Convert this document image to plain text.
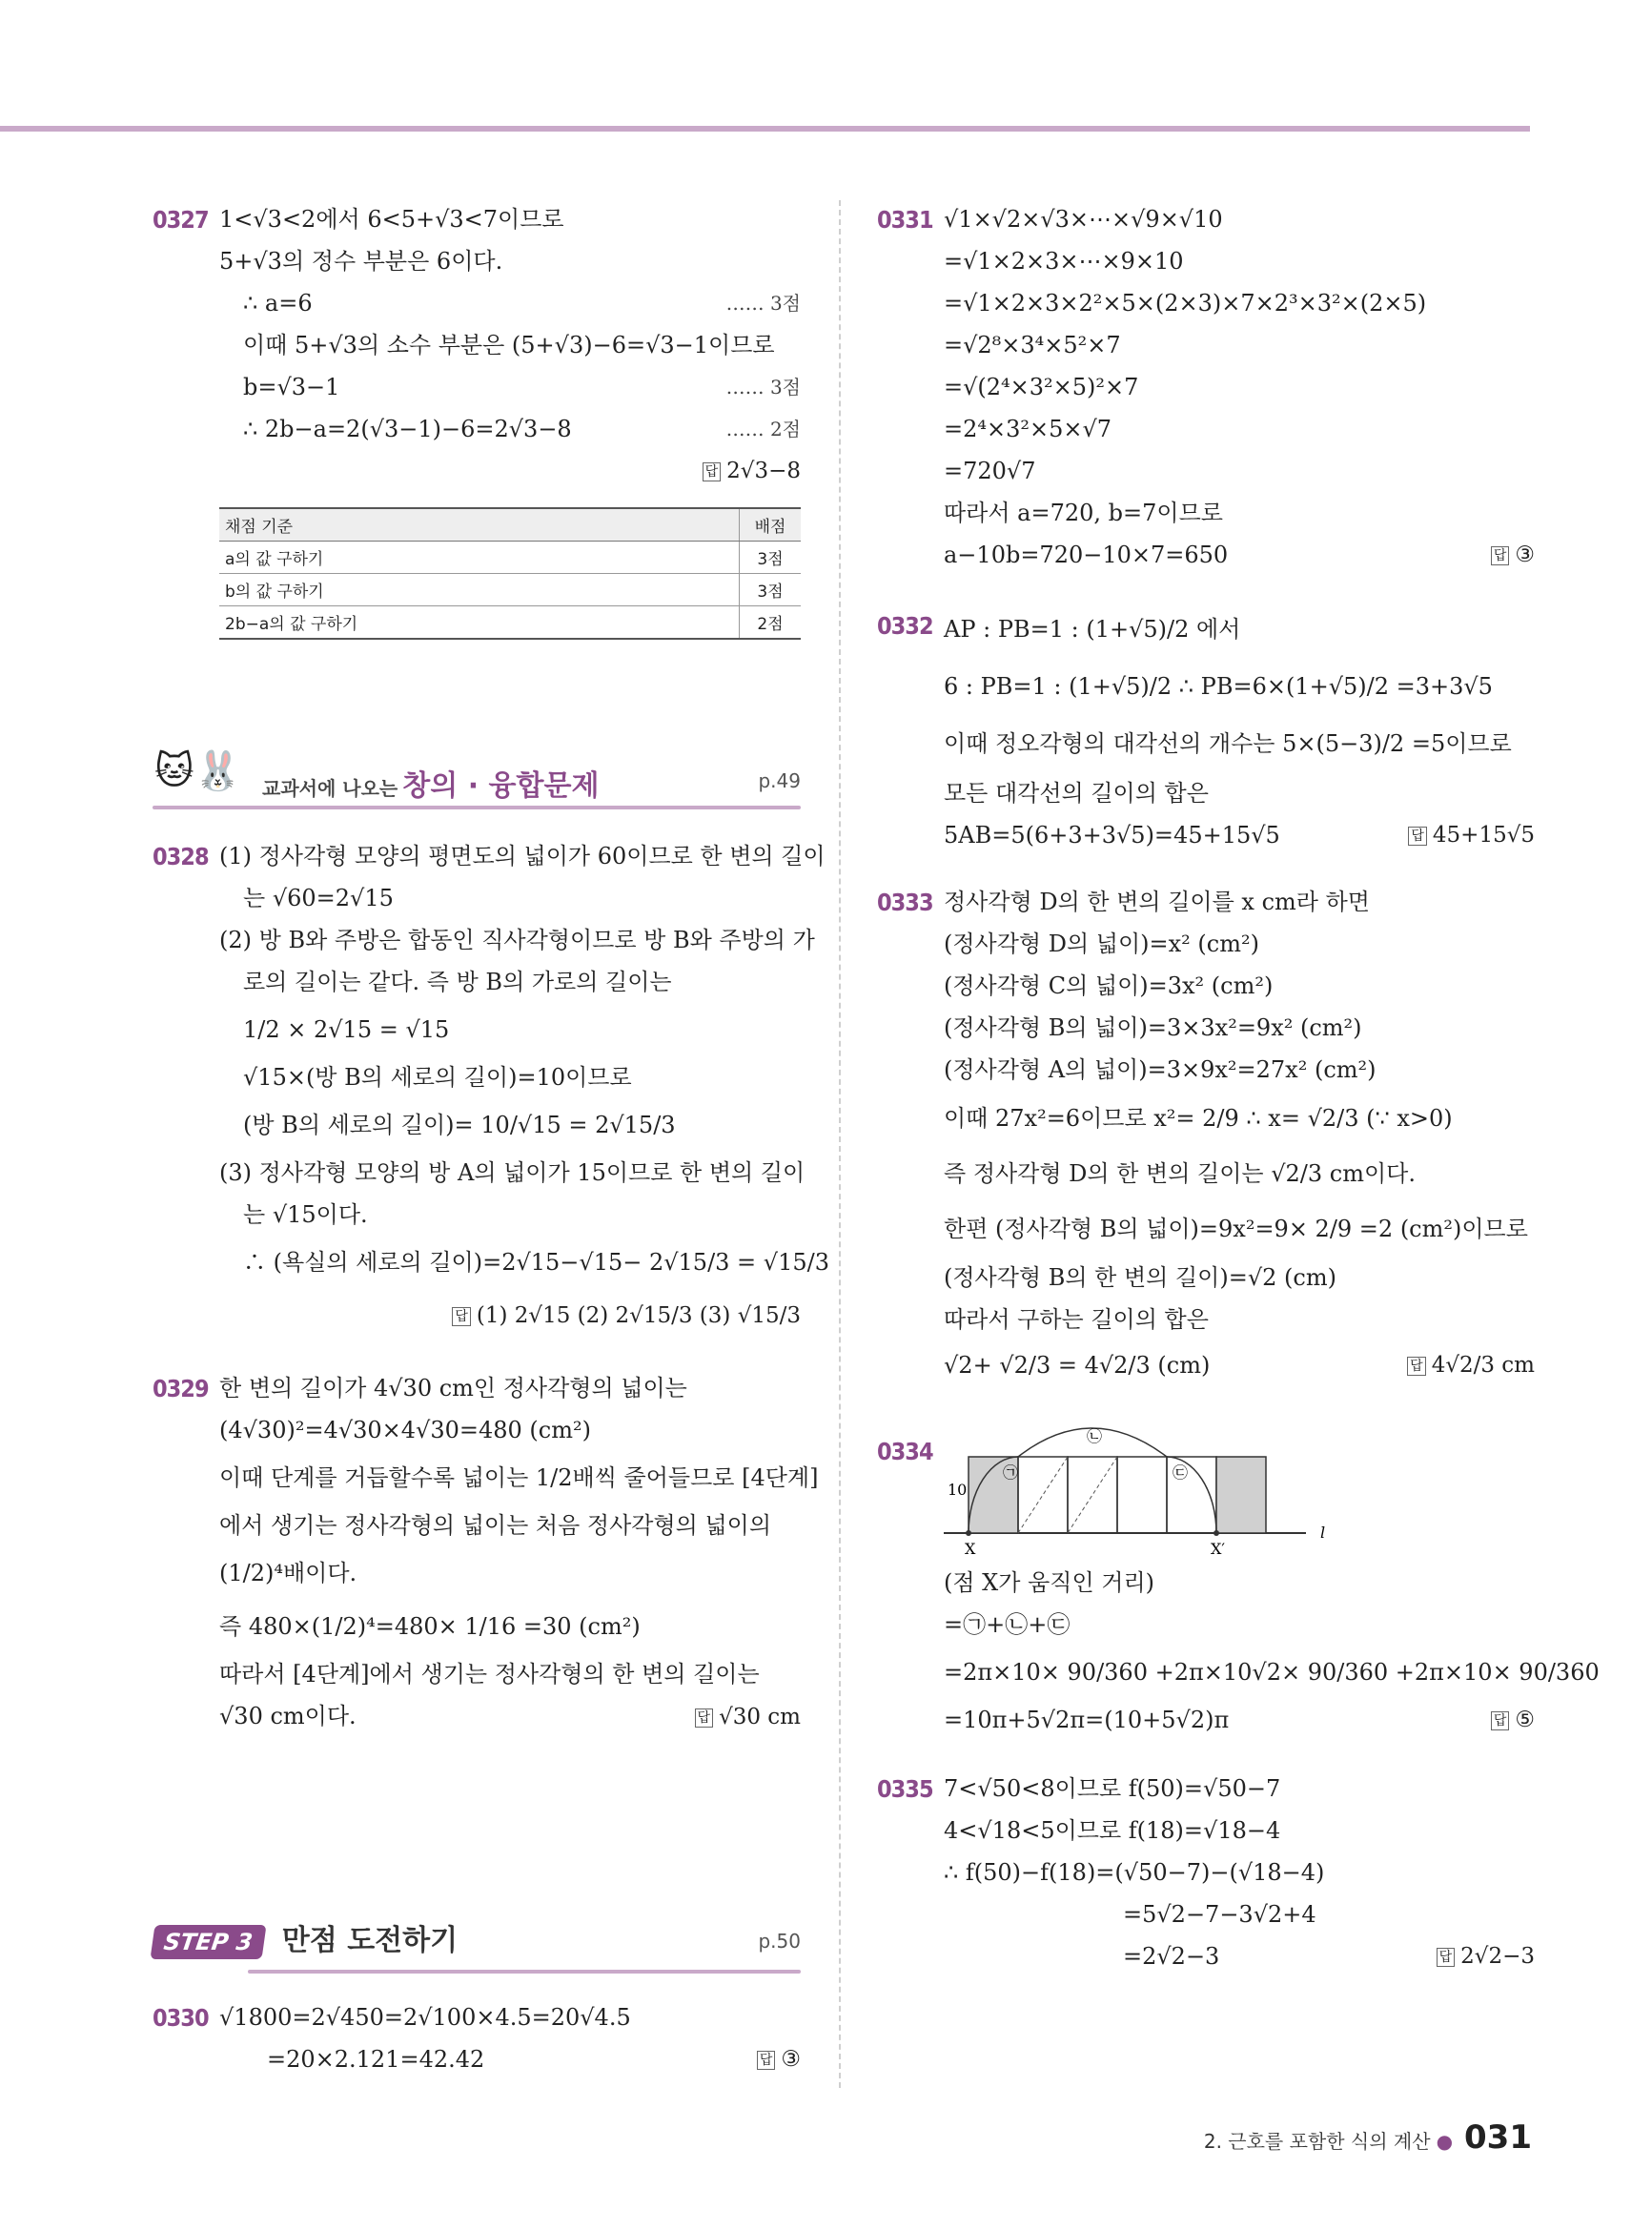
0327 1<√3<2에서 6<5+√3<7이므로
5+√3의 정수 부분은 6이다.
∴ a=6	…… 3점
이때 5+√3의 소수 부분은 (5+√3)−6=√3−1이므로
b=√3−1	…… 3점
∴ 2b−a=2(√3−1)−6=2√3−8	…… 2점
답 2√3−8
채점 기준	배점
a의 값 구하기	3점
b의 값 구하기	3점
2b−a의 값 구하기	2점
🐱🐰 교과서에 나오는 창의 · 융합문제	p.49
0328 (1) 정사각형 모양의 평면도의 넓이가 60이므로 한 변의 길이
는 √60=2√15
(2) 방 B와 주방은 합동인 직사각형이므로 방 B와 주방의 가
로의 길이는 같다. 즉 방 B의 가로의 길이는
1/2 × 2√15 = √15
√15×(방 B의 세로의 길이)=10이므로
(방 B의 세로의 길이)= 10/√15 = 2√15/3
(3) 정사각형 모양의 방 A의 넓이가 15이므로 한 변의 길이
는 √15이다.
∴ (욕실의 세로의 길이)=2√15−√15− 2√15/3 = √15/3
답 (1) 2√15 (2) 2√15/3 (3) √15/3
0329 한 변의 길이가 4√30 cm인 정사각형의 넓이는
(4√30)²=4√30×4√30=480 (cm²)
이때 단계를 거듭할수록 넓이는 1/2배씩 줄어들므로 [4단계]
에서 생기는 정사각형의 넓이는 처음 정사각형의 넓이의
(1/2)⁴배이다.
즉 480×(1/2)⁴=480× 1/16 =30 (cm²)
따라서 [4단계]에서 생기는 정사각형의 한 변의 길이는
√30 cm이다.	답 √30 cm
STEP 3 만점 도전하기	p.50
0330 √1800=2√450=2√100×4.5=20√4.5
=20×2.121=42.42	답 ③
0331 √1×√2×√3×⋯×√9×√10
=√1×2×3×⋯×9×10
=√1×2×3×2²×5×(2×3)×7×2³×3²×(2×5)
=√2⁸×3⁴×5²×7
=√(2⁴×3²×5)²×7
=2⁴×3²×5×√7
=720√7
따라서 a=720, b=7이므로
a−10b=720−10×7=650	답 ③
0332 AP : PB=1 : (1+√5)/2 에서
6 : PB=1 : (1+√5)/2 ∴ PB=6×(1+√5)/2 =3+3√5
이때 정오각형의 대각선의 개수는 5×(5−3)/2 =5이므로
모든 대각선의 길이의 합은
5AB=5(6+3+3√5)=45+15√5	답 45+15√5
0333 정사각형 D의 한 변의 길이를 x cm라 하면
(정사각형 D의 넓이)=x² (cm²)
(정사각형 C의 넓이)=3x² (cm²)
(정사각형 B의 넓이)=3×3x²=9x² (cm²)
(정사각형 A의 넓이)=3×9x²=27x² (cm²)
이때 27x²=6이므로 x²= 2/9 ∴ x= √2/3 (∵ x>0)
즉 정사각형 D의 한 변의 길이는 √2/3 cm이다.
한편 (정사각형 B의 넓이)=9x²=9× 2/9 =2 (cm²)이므로
(정사각형 B의 한 변의 길이)=√2 (cm)
따라서 구하는 길이의 합은
√2+ √2/3 = 4√2/3 (cm)	답 4√2/3 cm
0334
10
X	X′
l
㉠
㉡
㉢
(점 X가 움직인 거리)
=㉠+㉡+㉢
=2π×10× 90/360 +2π×10√2× 90/360 +2π×10× 90/360
=10π+5√2π=(10+5√2)π	답 ⑤
0335 7<√50<8이므로 f(50)=√50−7
4<√18<5이므로 f(18)=√18−4
∴ f(50)−f(18)=(√50−7)−(√18−4)
=5√2−7−3√2+4
=2√2−3	답 2√2−3
2. 근호를 포함한 식의 계산 ● 031
